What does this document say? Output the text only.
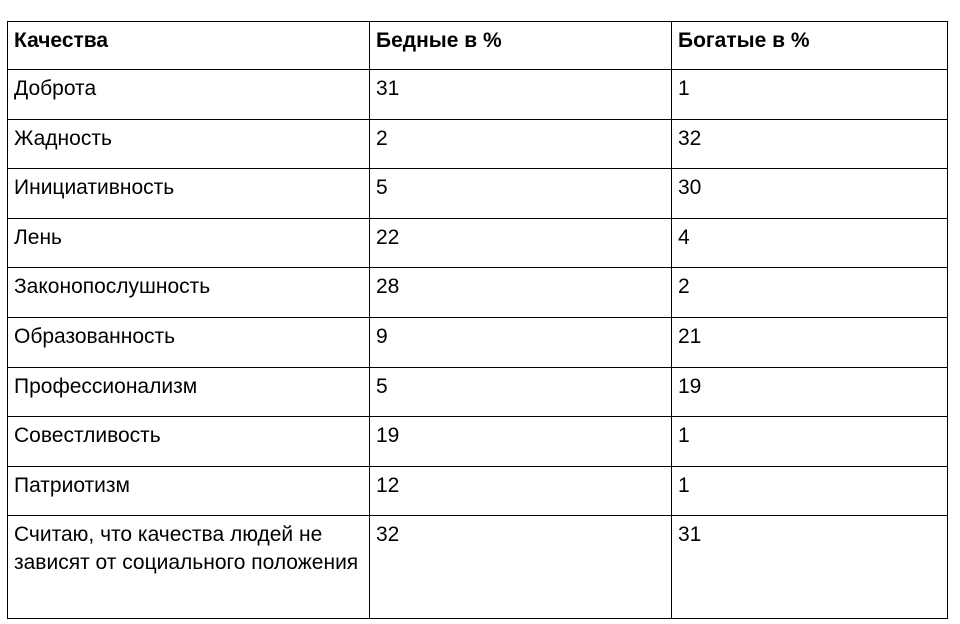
Качества	Бедные в %	Богатые в %
Доброта	31	1
Жадность	2	32
Инициативность	5	30
Лень	22	4
Законопослушность	28	2
Образованность	9	21
Профессионализм	5	19
Совестливость	19	1
Патриотизм	12	1
Считаю, что качества людей не зависят от социального положения	32	31
